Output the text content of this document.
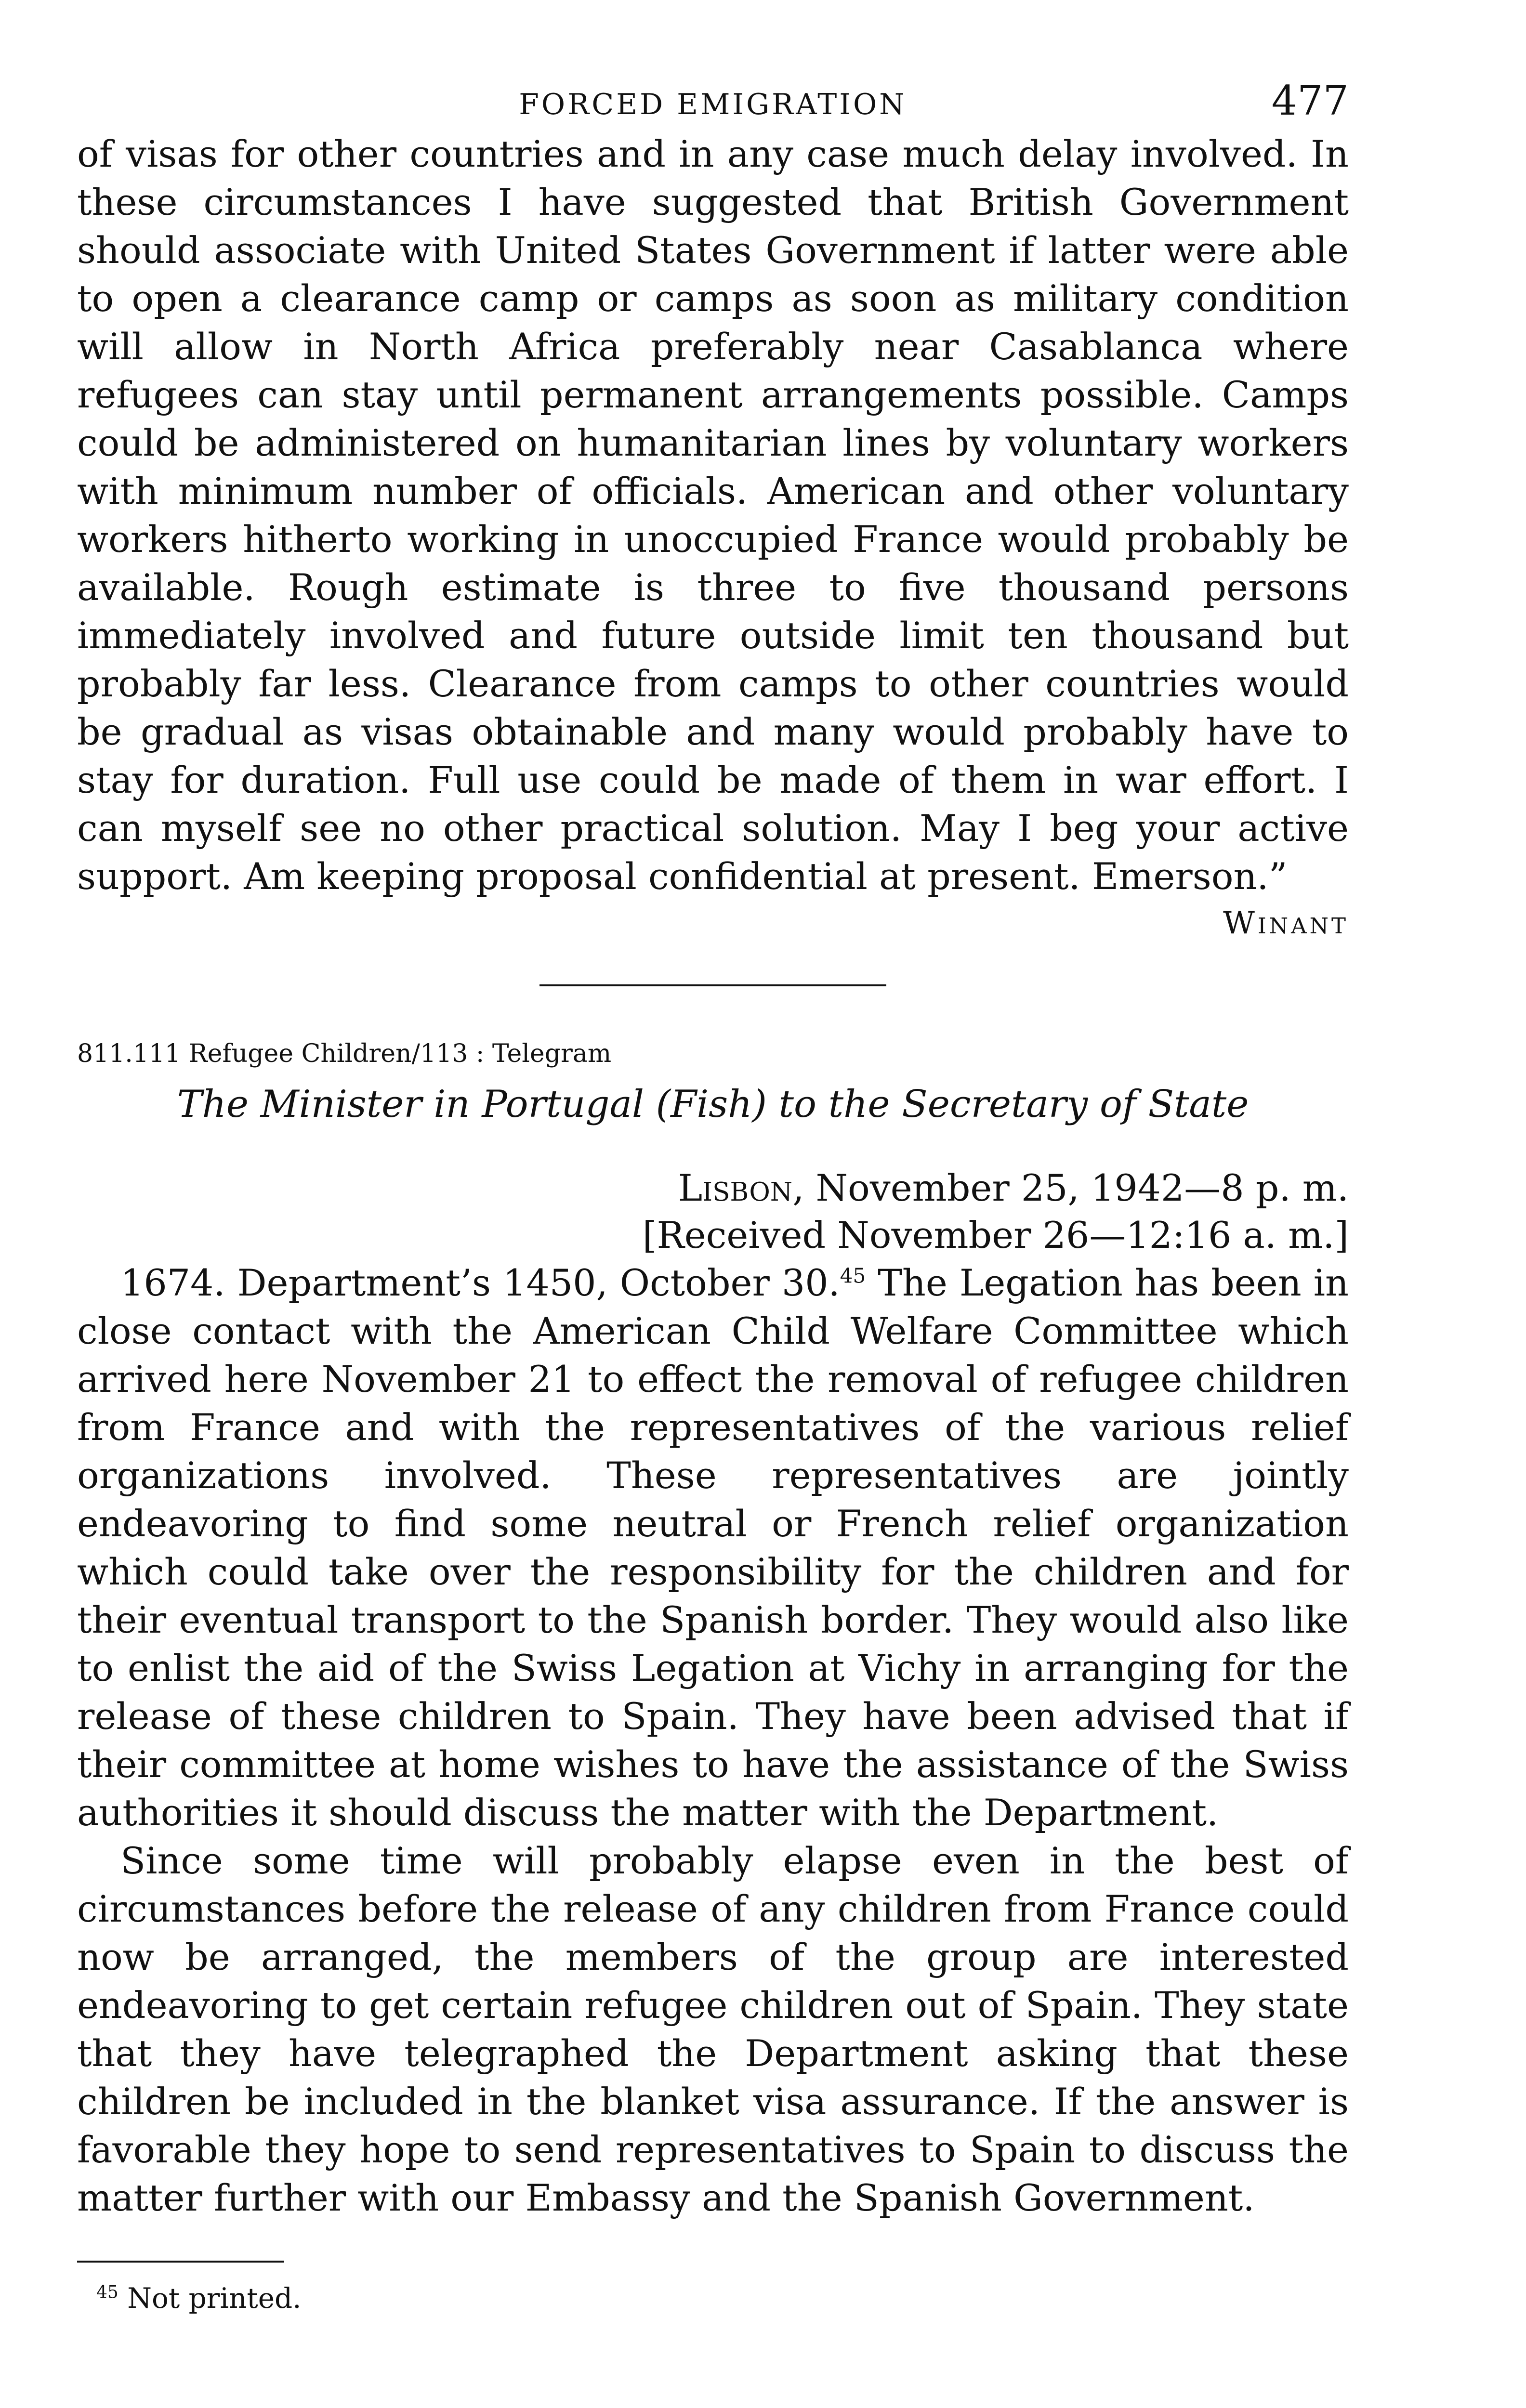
FORCED EMIGRATION	477

of visas for other countries and in any case much delay involved. In these circumstances I have suggested that British Government should associate with United States Government if latter were able to open a clearance camp or camps as soon as military condition will allow in North Africa preferably near Casablanca where refugees can stay until permanent arrangements possible. Camps could be administered on humanitarian lines by voluntary workers with minimum number of officials. American and other voluntary workers hitherto working in unoccupied France would probably be available. Rough estimate is three to five thousand persons immediately involved and future outside limit ten thousand but probably far less. Clearance from camps to other countries would be gradual as visas obtainable and many would probably have to stay for duration. Full use could be made of them in war effort. I can myself see no other practical solution. May I beg your active support. Am keeping proposal confidential at present. Emerson.”

Winant
811.111 Refugee Children/113 : Telegram
The Minister in Portugal (Fish) to the Secretary of State
Lisbon, November 25, 1942—8 p. m.
[Received November 26—12:16 a. m.]

1674. Department’s 1450, October 30.45 The Legation has been in close contact with the American Child Welfare Committee which arrived here November 21 to effect the removal of refugee children from France and with the representatives of the various relief organizations involved. These representatives are jointly endeavoring to find some neutral or French relief organization which could take over the responsibility for the children and for their eventual transport to the Spanish border. They would also like to enlist the aid of the Swiss Legation at Vichy in arranging for the release of these children to Spain. They have been advised that if their committee at home wishes to have the assistance of the Swiss authorities it should discuss the matter with the Department.

Since some time will probably elapse even in the best of circumstances before the release of any children from France could now be arranged, the members of the group are interested endeavoring to get certain refugee children out of Spain. They state that they have telegraphed the Department asking that these children be included in the blanket visa assurance. If the answer is favorable they hope to send representatives to Spain to discuss the matter further with our Embassy and the Spanish Government.

$^{45}$ Not printed.
